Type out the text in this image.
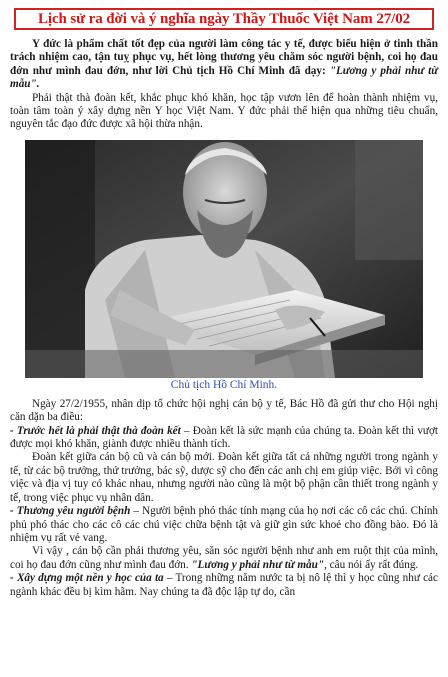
Lịch sử ra đời và ý nghĩa ngày Thầy Thuốc Việt Nam 27/02

Y đức là phẩm chất tốt đẹp của người làm công tác y tế, được biểu hiện ở tinh thần trách nhiệm cao, tận tuỵ phục vụ, hết lòng thương yêu chăm sóc người bệnh, coi họ đau đớn như mình đau đớn, như lời Chủ tịch Hồ Chí Minh đã dạy: "Lương y phải như từ mẫu".

Phải thật thà đoàn kết, khắc phục khó khăn, học tập vươn lên để hoàn thành nhiệm vụ, toàn tâm toàn ý xây dựng nền Y học Việt Nam. Y đức phải thể hiện qua những tiêu chuẩn, nguyên tắc đạo đức được xã hội thừa nhận.

Chủ tịch Hồ Chí Minh.

Ngày 27/2/1955, nhân dịp tổ chức hội nghị cán bộ y tế, Bác Hồ đã gửi thư cho Hội nghị căn dặn ba điều:

- Trước hết là phải thật thà đoàn kết – Đoàn kết là sức mạnh của chúng ta. Đoàn kết thì vượt được mọi khó khăn, giành được nhiều thành tích.

Đoàn kết giữa cán bộ cũ và cán bộ mới. Đoàn kết giữa tất cả những người trong ngành y tế, từ các bộ trưởng, thứ trưởng, bác sỹ, dược sỹ cho đến các anh chị em giúp việc. Bởi vì công việc và địa vị tuy có khác nhau, nhưng người nào cũng là một bộ phận cần thiết trong ngành y tế, trong việc phục vụ nhân dân.

- Thương yêu người bệnh – Người bệnh phó thác tính mạng của họ nơi các cô các chú. Chính phủ phó thác cho các cô các chú việc chữa bệnh tật và giữ gìn sức khoẻ cho đồng bào. Đó là nhiệm vụ rất vẻ vang.

Vì vậy , cán bộ cần phải thương yêu, săn sóc người bệnh như anh em ruột thịt của mình, coi họ đau đớn cũng như mình đau đớn. "Lương y phải như từ mẫu", câu nói ấy rất đúng.

- Xây dựng một nền y học của ta – Trong những năm nước ta bị nô lệ thì y học cũng như các ngành khác đều bị kìm hãm. Nay chúng ta đã độc lập tự do, cần
